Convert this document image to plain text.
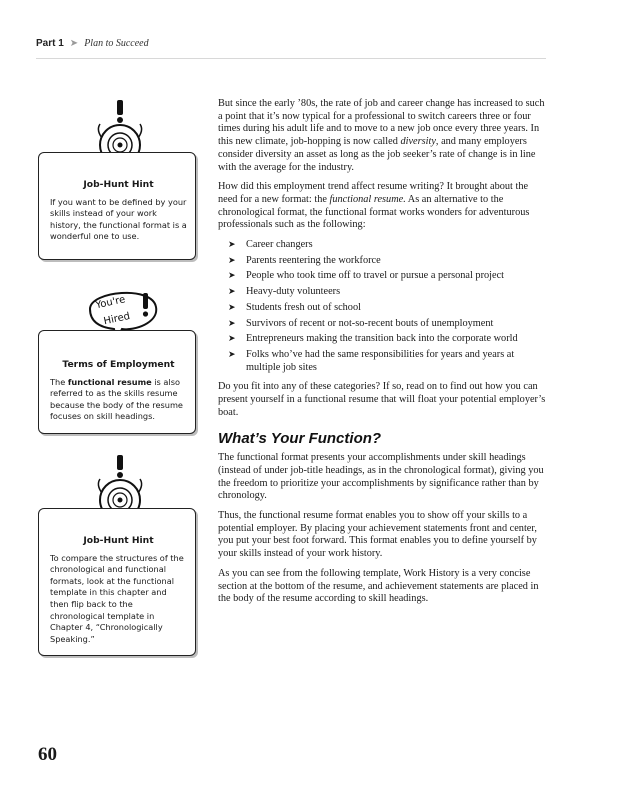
Part 1 ➤ Plan to Succeed
Job-Hunt Hint

If you want to be defined by your skills instead of your work history, the functional format is a wonderful one to use.

You're
Hired
Terms of Employment

The functional resume is also referred to as the skills resume because the body of the resume focuses on skill headings.

Job-Hunt Hint

To compare the structures of the chronological and functional formats, look at the functional template in this chapter and then flip back to the chronological template in Chapter 4, “Chronologically Speaking.”

But since the early ’80s, the rate of job and career change has increased to such a point that it’s now typical for a professional to switch careers three or four times during his adult life and to move to a new job once every three years. In this new climate, job-hopping is now called diversity, and many employers consider diversity an asset as long as the job seeker’s rate of change is in line with the average for the industry.

How did this employment trend affect resume writing? It brought about the need for a new format: the functional resume. As an alternative to the chronological format, the functional format works wonders for adventurous professionals such as the following:

➤ Career changers
➤ Parents reentering the workforce
➤ People who took time off to travel or pursue a personal project
➤ Heavy-duty volunteers
➤ Students fresh out of school
➤ Survivors of recent or not-so-recent bouts of unemployment
➤ Entrepreneurs making the transition back into the corporate world
➤ Folks who’ve had the same responsibilities for years and years at multiple job sites

Do you fit into any of these categories? If so, read on to find out how you can present yourself in a functional resume that will float your potential employer’s boat.

What’s Your Function?

The functional format presents your accomplishments under skill headings (instead of under job-title headings, as in the chronological format), giving you the freedom to prioritize your accomplishments by significance rather than by chronology.

Thus, the functional resume format enables you to show off your skills to a potential employer. By placing your achievement statements front and center, you put your best foot forward. This format enables you to define yourself by your skills instead of your work history.

As you can see from the following template, Work History is a very concise section at the bottom of the resume, and achievement statements are placed in the body of the resume according to skill headings.

60
